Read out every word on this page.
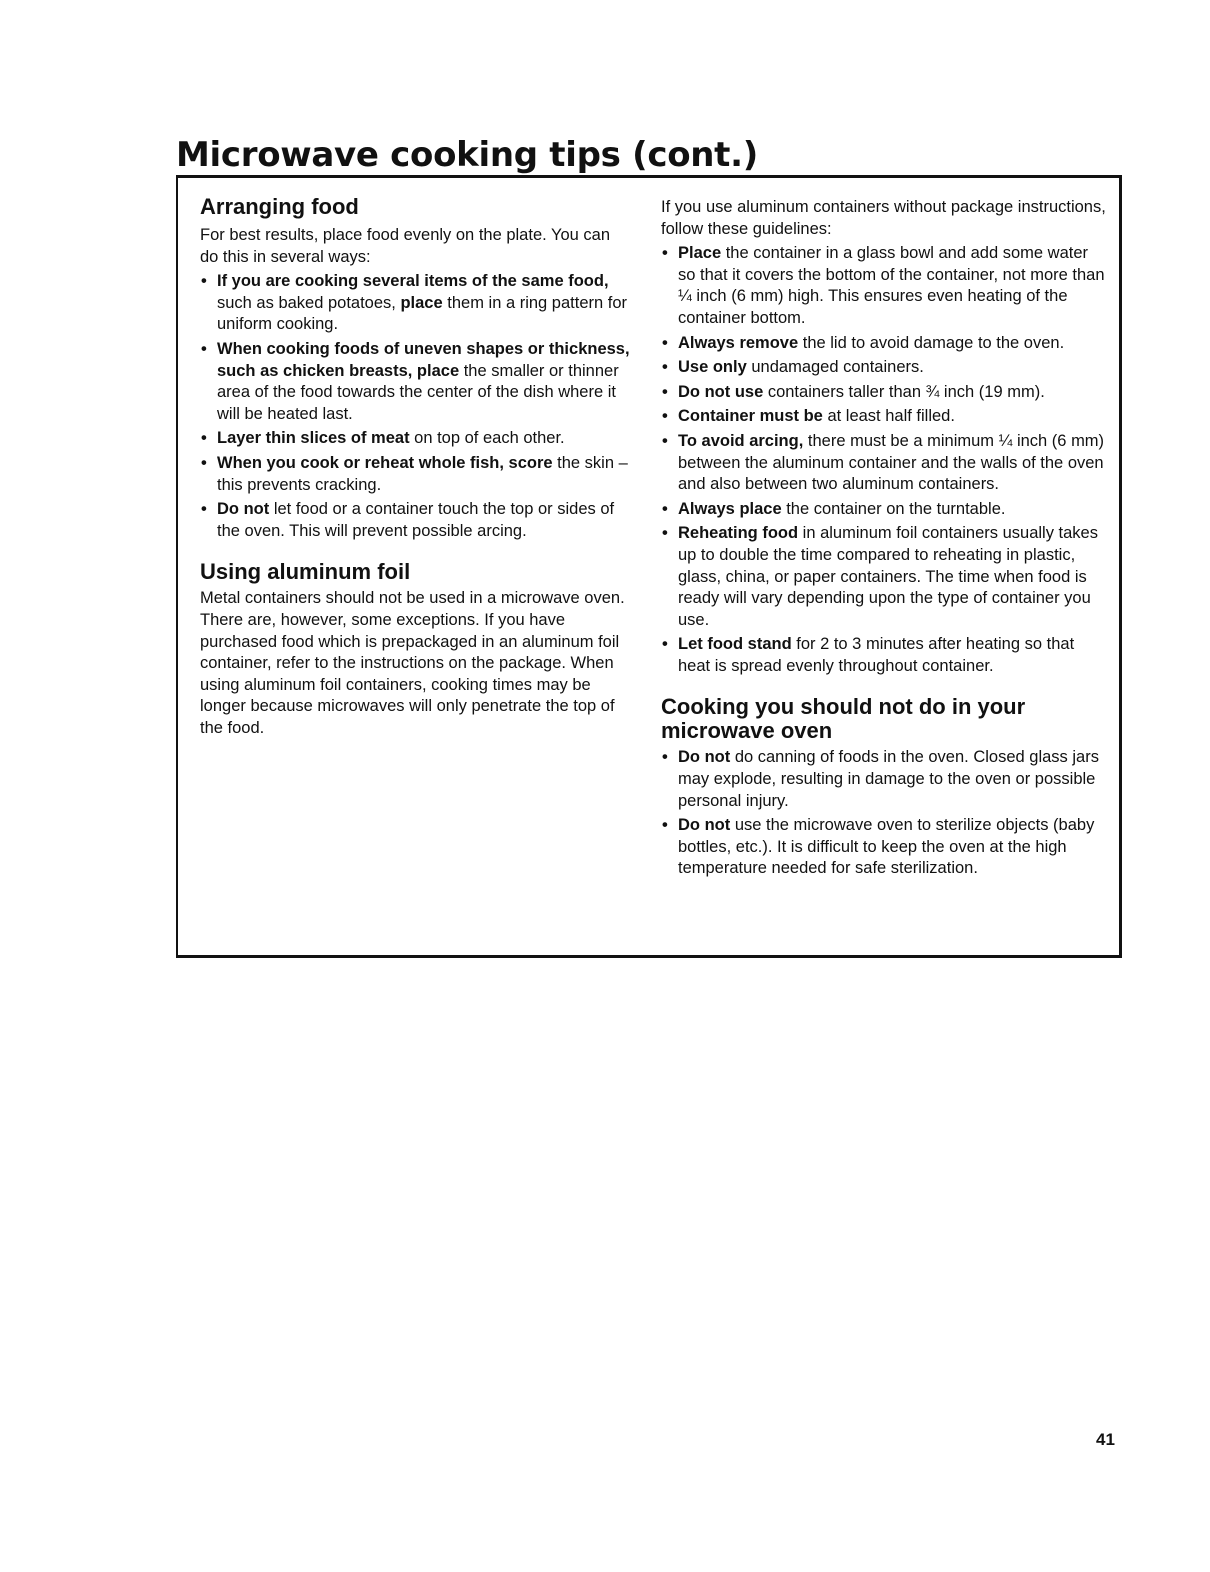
Microwave cooking tips (cont.)
Arranging food

For best results, place food evenly on the plate. You can do this in several ways:

• If you are cooking several items of the same food, such as baked potatoes, place them in a ring pattern for uniform cooking.
• When cooking foods of uneven shapes or thickness, such as chicken breasts, place the smaller or thinner area of the food towards the center of the dish where it will be heated last.
• Layer thin slices of meat on top of each other.
• When you cook or reheat whole fish, score the skin – this prevents cracking.
• Do not let food or a container touch the top or sides of the oven. This will prevent possible arcing.
Using aluminum foil

Metal containers should not be used in a microwave oven. There are, however, some exceptions. If you have purchased food which is prepackaged in an aluminum foil container, refer to the instructions on the package. When using aluminum foil containers, cooking times may be longer because microwaves will only penetrate the top of the food.

If you use aluminum containers without package instructions, follow these guidelines:

• Place the container in a glass bowl and add some water so that it covers the bottom of the container, not more than ¼ inch (6 mm) high. This ensures even heating of the container bottom.
• Always remove the lid to avoid damage to the oven.
• Use only undamaged containers.
• Do not use containers taller than ¾ inch (19 mm).
• Container must be at least half filled.
• To avoid arcing, there must be a minimum ¼ inch (6 mm) between the aluminum container and the walls of the oven and also between two aluminum containers.
• Always place the container on the turntable.
• Reheating food in aluminum foil containers usually takes up to double the time compared to reheating in plastic, glass, china, or paper containers. The time when food is ready will vary depending upon the type of container you use.
• Let food stand for 2 to 3 minutes after heating so that heat is spread evenly throughout container.
Cooking you should not do in your microwave oven
• Do not do canning of foods in the oven. Closed glass jars may explode, resulting in damage to the oven or possible personal injury.
• Do not use the microwave oven to sterilize objects (baby bottles, etc.). It is difficult to keep the oven at the high temperature needed for safe sterilization.
41
